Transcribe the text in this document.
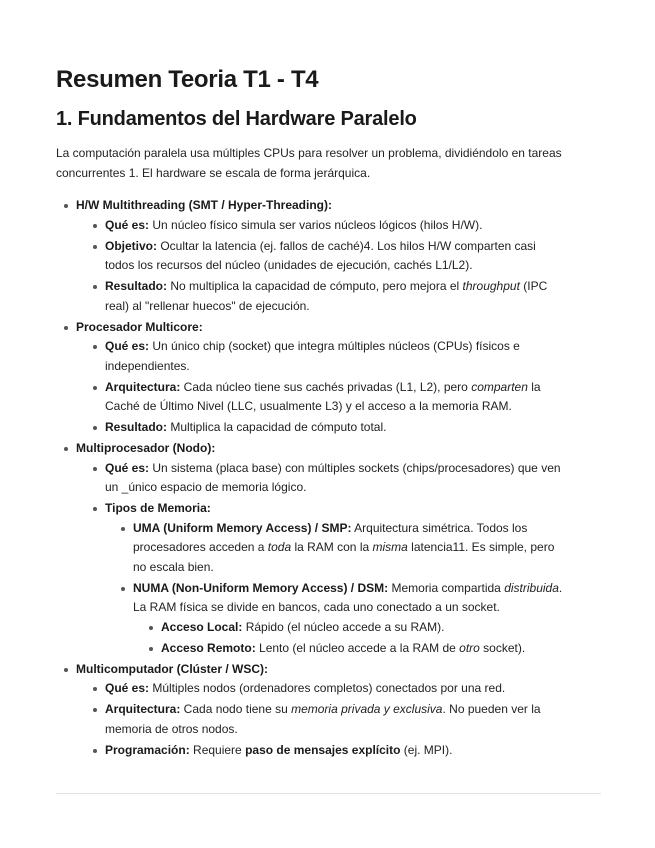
Resumen Teoria T1 - T4
1. Fundamentos del Hardware Paralelo

La computación paralela usa múltiples CPUs para resolver un problema, dividiéndolo en tareas
concurrentes 1. El hardware se escala de forma jerárquica.

H/W Multithreading (SMT / Hyper-Threading):
Qué es: Un núcleo físico simula ser varios núcleos lógicos (hilos H/W).
Objetivo: Ocultar la latencia (ej. fallos de caché)4. Los hilos H/W comparten casi
todos los recursos del núcleo (unidades de ejecución, cachés L1/L2).
Resultado: No multiplica la capacidad de cómputo, pero mejora el throughput (IPC
real) al "rellenar huecos" de ejecución.
Procesador Multicore:
Qué es: Un único chip (socket) que integra múltiples núcleos (CPUs) físicos e
independientes.
Arquitectura: Cada núcleo tiene sus cachés privadas (L1, L2), pero comparten la
Caché de Último Nivel (LLC, usualmente L3) y el acceso a la memoria RAM.
Resultado: Multiplica la capacidad de cómputo total.
Multiprocesador (Nodo):
Qué es: Un sistema (placa base) con múltiples sockets (chips/procesadores) que ven
un _único espacio de memoria lógico.
Tipos de Memoria:
UMA (Uniform Memory Access) / SMP: Arquitectura simétrica. Todos los
procesadores acceden a toda la RAM con la misma latencia11. Es simple, pero
no escala bien.
NUMA (Non-Uniform Memory Access) / DSM: Memoria compartida distribuida.
La RAM física se divide en bancos, cada uno conectado a un socket.
Acceso Local: Rápido (el núcleo accede a su RAM).
Acceso Remoto: Lento (el núcleo accede a la RAM de otro socket).
Multicomputador (Clúster / WSC):
Qué es: Múltiples nodos (ordenadores completos) conectados por una red.
Arquitectura: Cada nodo tiene su memoria privada y exclusiva. No pueden ver la
memoria de otros nodos.
Programación: Requiere paso de mensajes explícito (ej. MPI).
